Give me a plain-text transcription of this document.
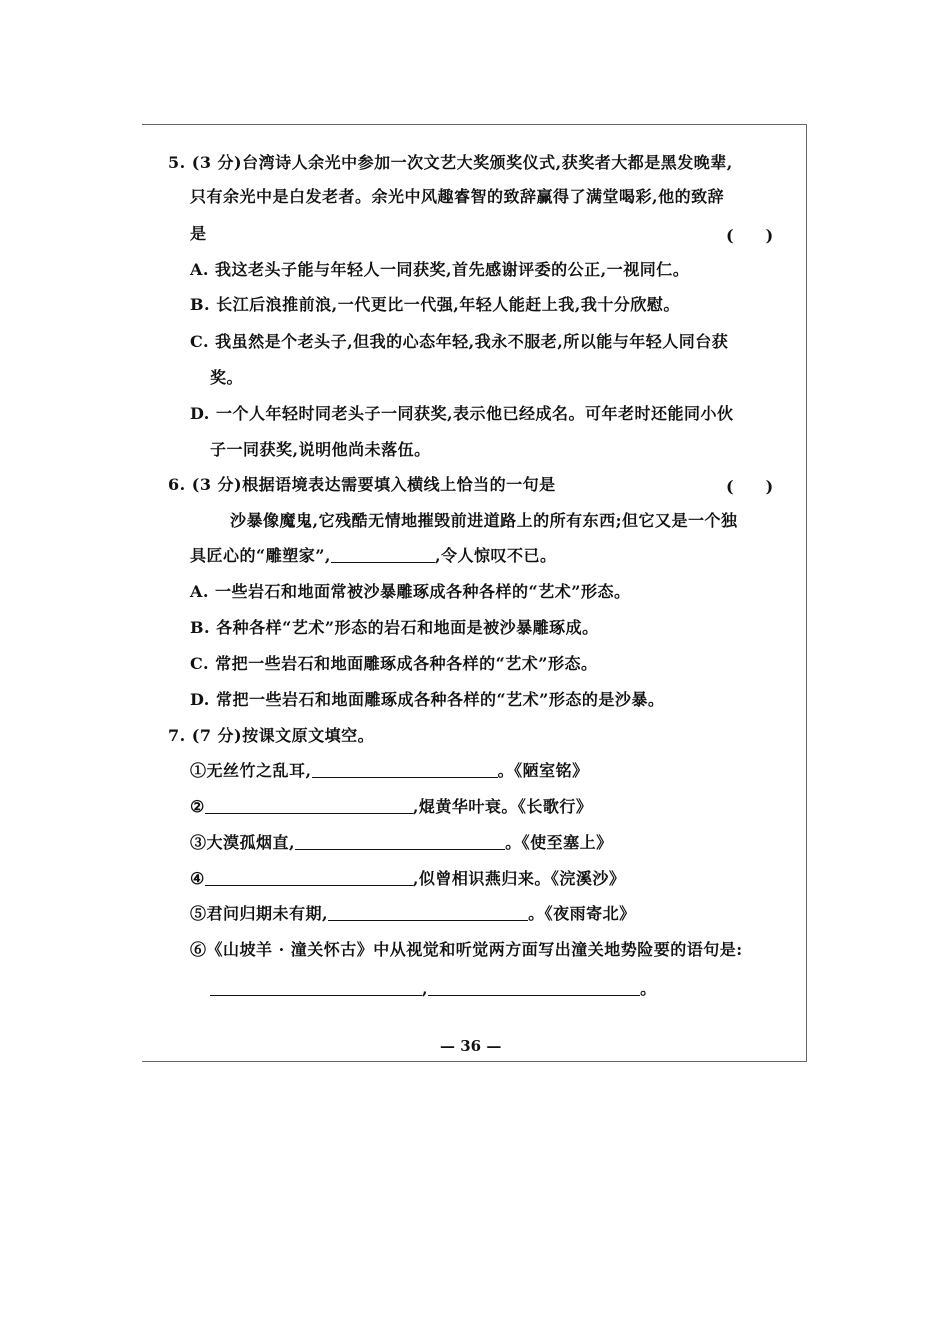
5. (3 分)台湾诗人余光中参加一次文艺大奖颁奖仪式,获奖者大都是黑发晚辈,
只有余光中是白发老者。余光中风趣睿智的致辞赢得了满堂喝彩,他的致辞
是	(　　)
A. 我这老头子能与年轻人一同获奖,首先感谢评委的公正,一视同仁。
B. 长江后浪推前浪,一代更比一代强,年轻人能赶上我,我十分欣慰。
C. 我虽然是个老头子,但我的心态年轻,我永不服老,所以能与年轻人同台获
奖。
D. 一个人年轻时同老头子一同获奖,表示他已经成名。可年老时还能同小伙
子一同获奖,说明他尚未落伍。
6. (3 分)根据语境表达需要填入横线上恰当的一句是	(　　)
沙暴像魔鬼,它残酷无情地摧毁前进道路上的所有东西;但它又是一个独
具匠心的“雕塑家”,	,令人惊叹不已。
A. 一些岩石和地面常被沙暴雕琢成各种各样的“艺术”形态。
B. 各种各样“艺术”形态的岩石和地面是被沙暴雕琢成。
C. 常把一些岩石和地面雕琢成各种各样的“艺术”形态。
D. 常把一些岩石和地面雕琢成各种各样的“艺术”形态的是沙暴。
7. (7 分)按课文原文填空。
①无丝竹之乱耳,	。《陋室铭》
②	,焜黄华叶衰。《长歌行》
③大漠孤烟直,	。《使至塞上》
④	,似曾相识燕归来。《浣溪沙》
⑤君问归期未有期,	。《夜雨寄北》
⑥《山坡羊 · 潼关怀古》中从视觉和听觉两方面写出潼关地势险要的语句是:
,	。
— 36 —
